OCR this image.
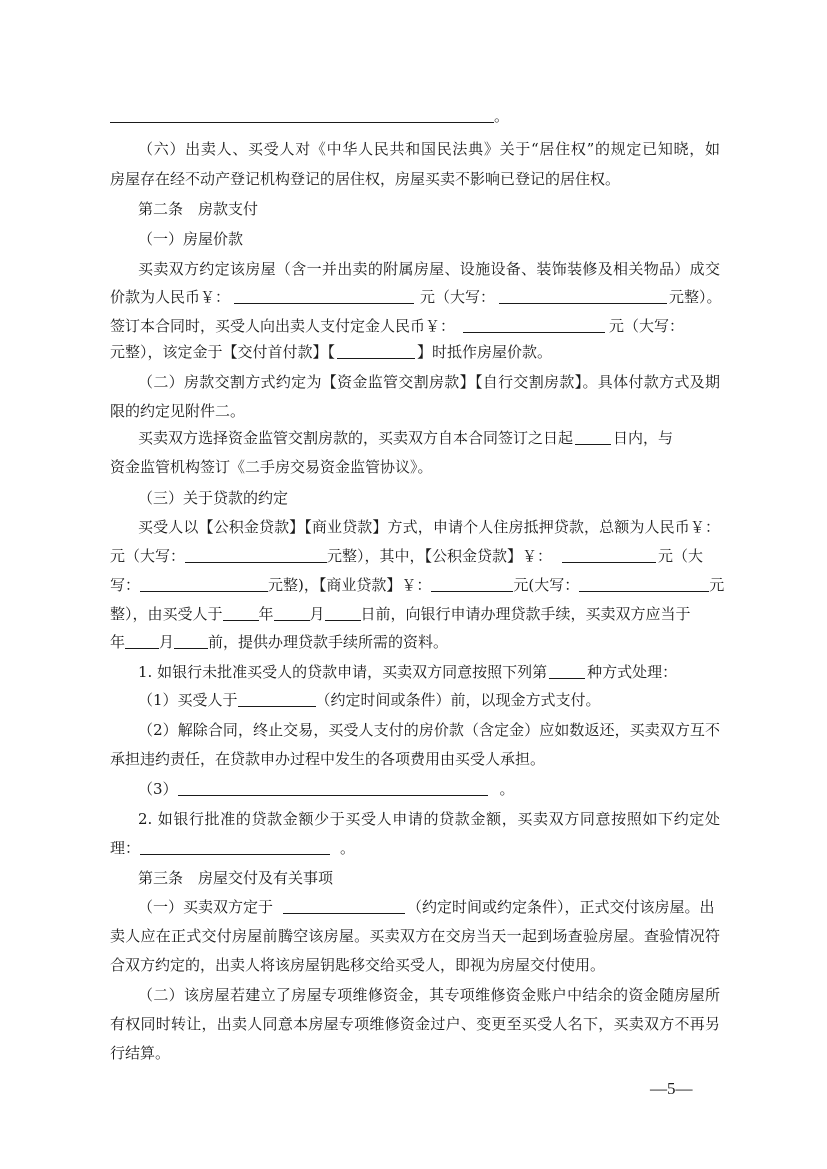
。
（六）出卖人、买受人对《中华人民共和国民法典》关于“居住权”的规定已知晓，如
房屋存在经不动产登记机构登记的居住权，房屋买卖不影响已登记的居住权。
第二条　房款支付
（一）房屋价款
买卖双方约定该房屋（含一并出卖的附属房屋、设施设备、装饰装修及相关物品）成交
价款为人民币￥：	元（大写：	元整）。
签订本合同时，买受人向出卖人支付定金人民币￥：	元（大写：
元整），该定金于【交付首付款】【	】时抵作房屋价款。
（二）房款交割方式约定为【资金监管交割房款】【自行交割房款】。具体付款方式及期
限的约定见附件二。
买卖双方选择资金监管交割房款的，买卖双方自本合同签订之日起	日内，与
资金监管机构签订《二手房交易资金监管协议》。
（三）关于贷款的约定
买受人以【公积金贷款】【商业贷款】方式，申请个人住房抵押贷款，总额为人民币￥：
元（大写：	元整），其中，【公积金贷款】￥：	元（大
写：	元整)，【商业贷款】￥：	元(大写：	元
整），由买受人于 年 月 日前，向银行申请办理贷款手续，买卖双方应当于
年 月 前，提供办理贷款手续所需的资料。
1. 如银行未批准买受人的贷款申请，买卖双方同意按照下列第	种方式处理：
（1）买受人于	（约定时间或条件）前，以现金方式支付。
（2）解除合同，终止交易，买受人支付的房价款（含定金）应如数返还，买卖双方互不
承担违约责任，在贷款申办过程中发生的各项费用由买受人承担。
（3）	。
2. 如银行批准的贷款金额少于买受人申请的贷款金额，买卖双方同意按照如下约定处
理：	。
第三条　房屋交付及有关事项
（一）买卖双方定于	（约定时间或约定条件），正式交付该房屋。出
卖人应在正式交付房屋前腾空该房屋。买卖双方在交房当天一起到场查验房屋。查验情况符
合双方约定的，出卖人将该房屋钥匙移交给买受人，即视为房屋交付使用。
（二）该房屋若建立了房屋专项维修资金，其专项维修资金账户中结余的资金随房屋所
有权同时转让，出卖人同意本房屋专项维修资金过户、变更至买受人名下，买卖双方不再另
行结算。
—5—
